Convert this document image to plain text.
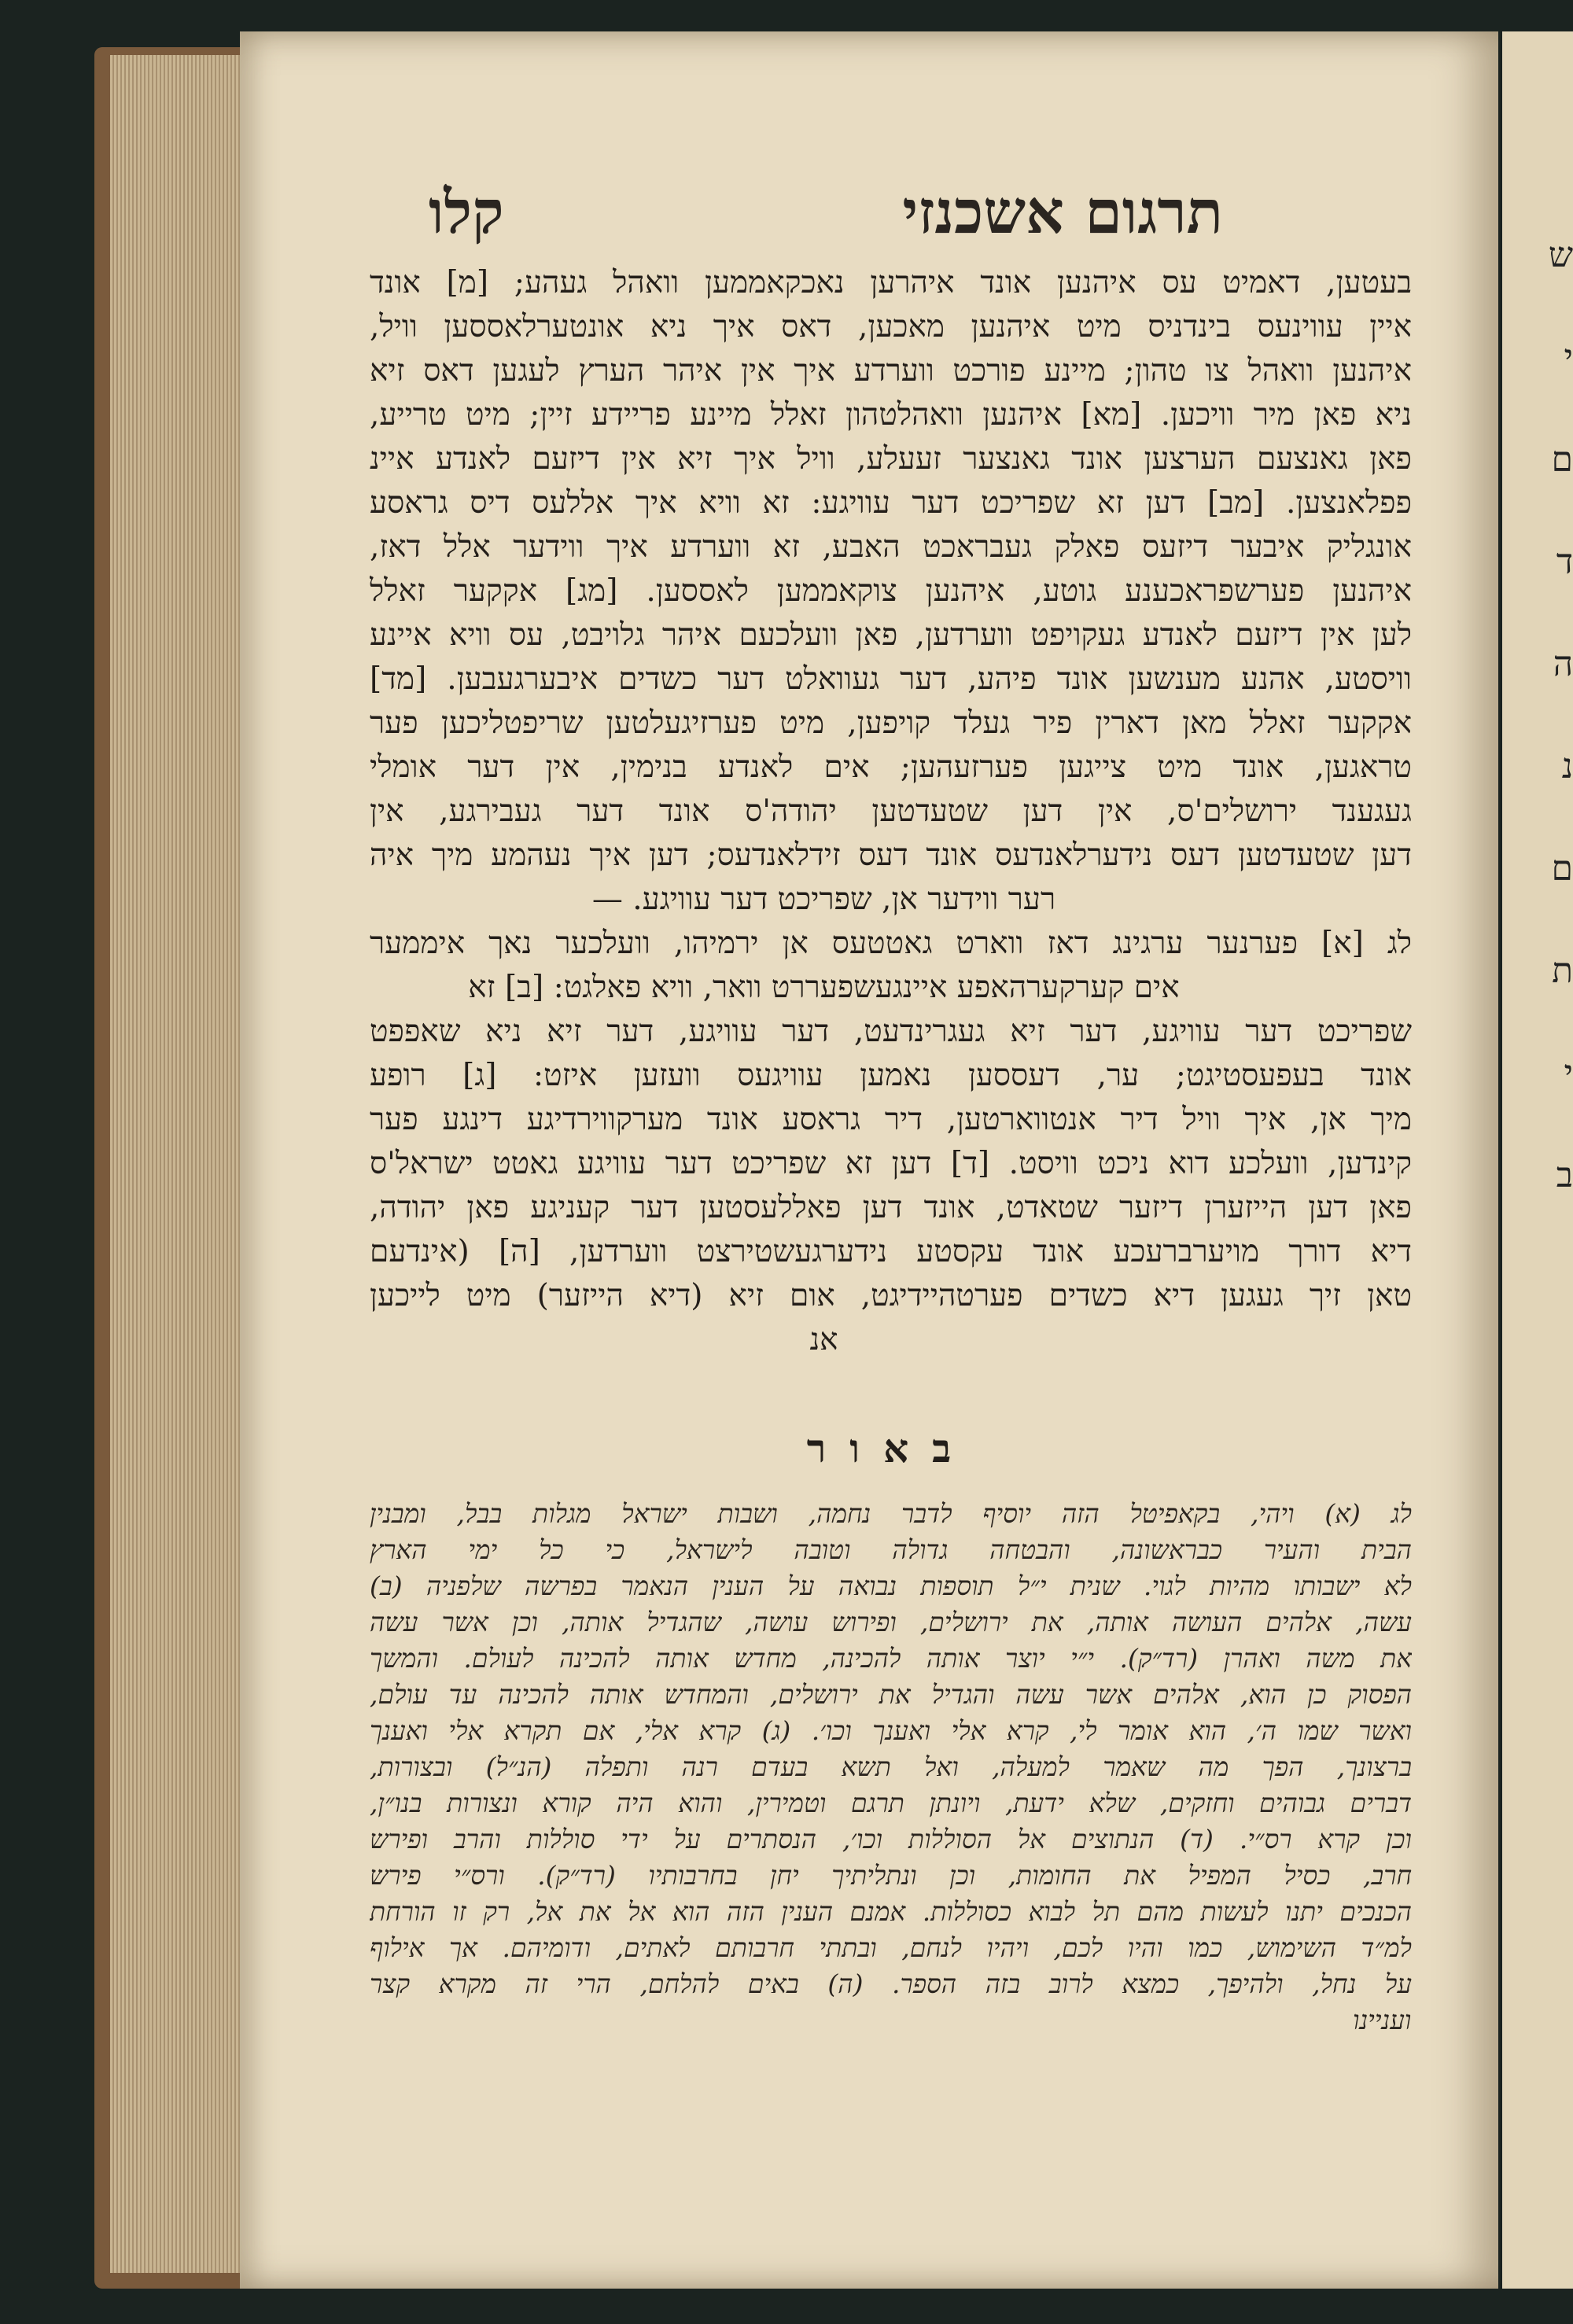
תרגום אשכנזי
קלו

בעטען, דאמיט עס איהנען אונד איהרען נאכקאממען וואהל געהע; [מ] אונד

איין עווינעס בינדניס מיט איהנען מאכען, דאס איך ניא אונטערלאססען וויל,

איהנען וואהל צו טהון; מיינע פורכט ווערדע איך אין איהר הערץ לעגען דאס זיא

ניא פאן מיר וויכען. [מא] איהנען וואהלטהון זאלל מיינע פריידע זיין; מיט טרייע,

פאן גאנצעם הערצען אונד גאנצער זעעלע, וויל איך זיא אין דיזעם לאנדע איינ

פפלאנצען. [מב] דען זא שפריכט דער עוויגע: זא וויא איך אללעס דיס גראסע

אונגליק איבער דיזעס פאלק געבראכט האבע, זא ווערדע איך ווידער אלל דאז,

איהנען פערשפראכענע גוטע, איהנען צוקאממען לאססען. [מג] אקקער זאלל

לען אין דיזעם לאנדע געקויפט ווערדען, פאן וועלכעם איהר גלויבט, עס וויא איינע

וויסטע, אהנע מענשען אונד פיהע, דער געוואלט דער כשדים איבערגעבען. [מד]

אקקער זאלל מאן דארין פיר געלד קויפען, מיט פערזיגעלטען שריפטליכען פער

טראגען, אונד מיט צייגען פערזעהען; אים לאנדע בנימין, אין דער אומלי

געגענד ירושלים'ס, אין דען שטעדטען יהודה'ס אונד דער געבירגע, אין

דען שטעדטען דעס נידערלאנדעס אונד דעס זידלאנדעס; דען איך נעהמע מיך איה

רער ווידער אן, שפריכט דער עוויגע. —

לג [א] פערנער ערגינג דאז ווארט גאטטעס אן ירמיהו, וועלכער נאך איממער

אים קערקערהאפע איינגעשפעררט וואר, וויא פאלגט: [ב] זא

שפריכט דער עוויגע, דער זיא געגרינדעט, דער עוויגע, דער זיא ניא שאפפט

אונד בעפעסטיגט; ער, דעססען נאמען עוויגעס וועזען איזט: [ג] רופע

מיך אן, איך וויל דיר אנטווארטען, דיר גראסע אונד מערקווירדיגע דינגע פער

קינדען, וועלכע דוא ניכט וויסט. [ד] דען זא שפריכט דער עוויגע גאטט ישראל'ס

פאן דען הייזערן דיזער שטאדט, אונד דען פאללעסטען דער קעניגע פאן יהודה,

דיא דורך מויערברעכע אונד עקסטע נידערגעשטירצט ווערדען, [ה] (אינדעם

טאן זיך געגען דיא כשדים פערטהיידיגט, אום זיא (דיא הייזער) מיט לייכען

אנ

באור

לג (א) ויהי, בקאפיטל הזה יוסיף לדבר נחמה, ושבות ישראל מגלות בבל, ומבנין

הבית והעיר כבראשונה, והבטחה גדולה וטובה לישראל, כי כל ימי הארץ

לא ישבותו מהיות לגוי. שנית י״ל תוספות נבואה על הענין הנאמר בפרשה שלפניה (ב)

עשה, אלהים העושה אותה, את ירושלים, ופירוש עושה, שהגדיל אותה, וכן אשר עשה

את משה ואהרן (רד״ק). י״י יוצר אותה להכינה, מחדש אותה להכינה לעולם. והמשך

הפסוק כן הוא, אלהים אשר עשה והגדיל את ירושלים, והמחדש אותה להכינה עד עולם,

ואשר שמו ה׳, הוא אומר לי, קרא אלי ואענך וכו׳. (ג) קרא אלי, אם תקרא אלי ואענך

ברצונך, הפך מה שאמר למעלה, ואל תשא בעדם רנה ותפלה (הנ״ל) ובצורות,

דברים גבוהים וחזקים, שלא ידעת, ויונתן תרגם וטמירין, והוא היה קורא ונצורות בנו״ן,

וכן קרא רס״י. (ד) הנתוצים אל הסוללות וכו׳, הנסתרים על ידי סוללות והרב ופירש

חרב, כסיל המפיל את החומות, וכן ונתליתיך יחן בחרבותיו (רד״ק). ורס״י פירש

הכנכים יתנו לעשות מהם תל לבוא כסוללות. אמנם הענין הזה הוא אל את אל, רק זו הורחת

למ״ד השימוש, כמו והיו לכם, ויהיו לנחם, ובתתי חרבותם לאתים, ודומיהם. אך אילוף

על נחל, ולהיפך, כמצא לרוב בזה הספר. (ה) באים להלחם, הרי זה מקרא קצר

ועניינו

ש
י
ם
ד
ה
נ
ם
ת
י
ב
